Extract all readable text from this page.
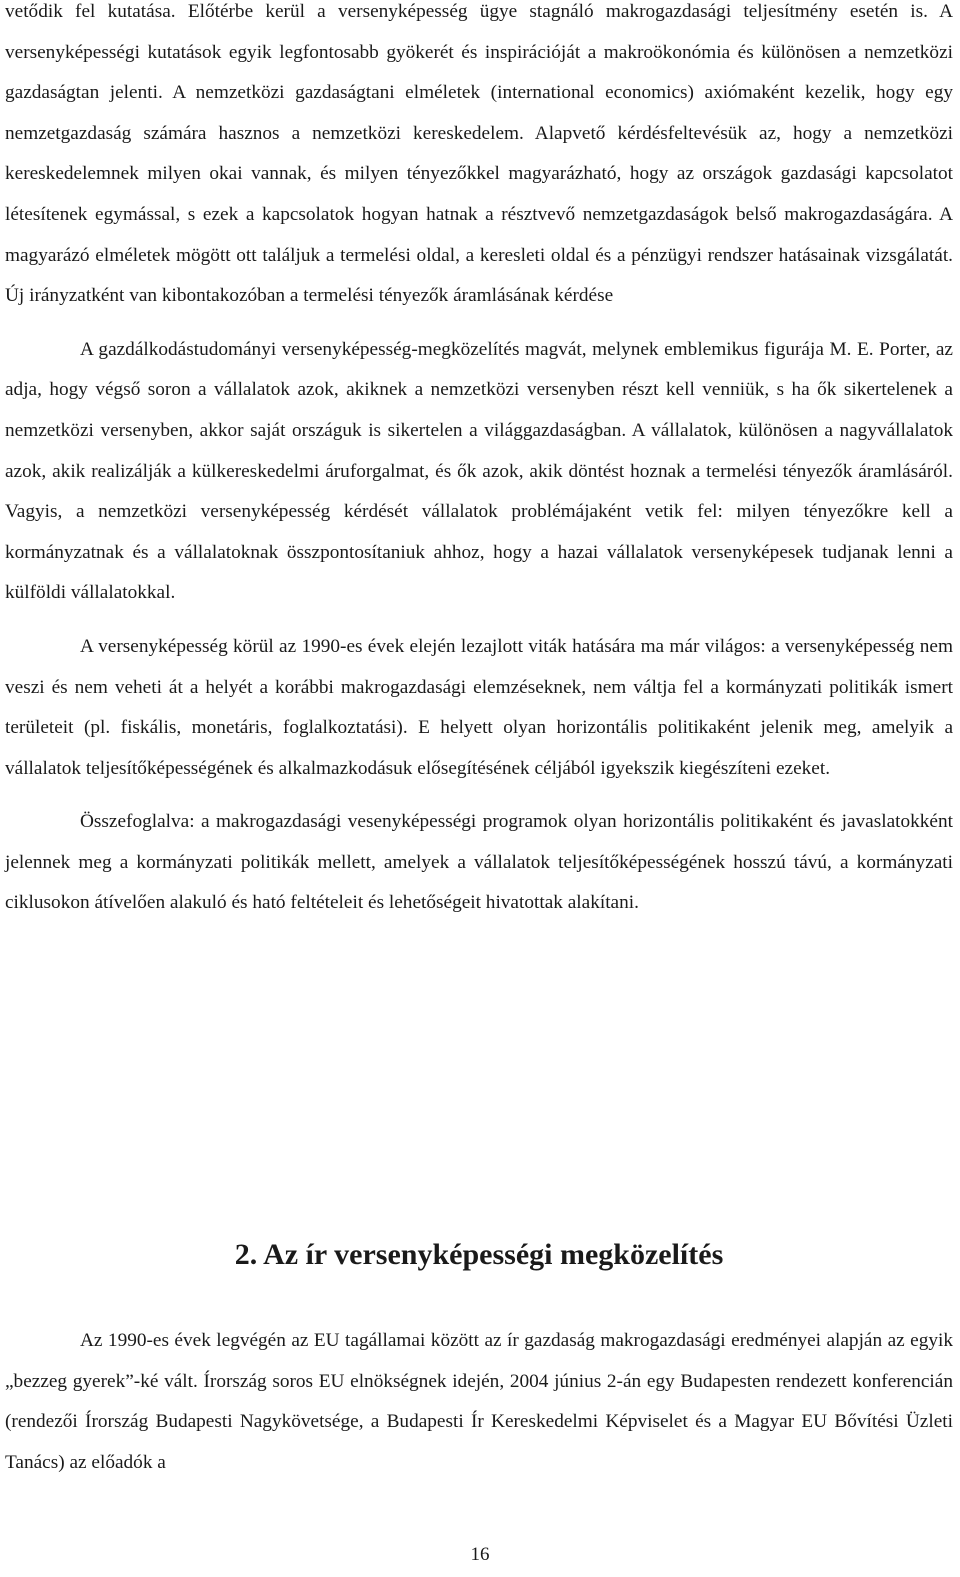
vetődik fel kutatása. Előtérbe kerül a versenyképesség ügye stagnáló makrogazdasági teljesítmény esetén is. A versenyképességi kutatások egyik legfontosabb gyökerét és inspirációját a makroökonómia és különösen a nemzetközi gazdaságtan jelenti. A nemzetközi gazdaságtani elméletek (international economics) axiómaként kezelik, hogy egy nemzetgazdaság számára hasznos a nemzetközi kereskedelem. Alapvető kérdésfeltevésük az, hogy a nemzetközi kereskedelemnek milyen okai vannak, és milyen tényezőkkel magyarázható, hogy az országok gazdasági kapcsolatot létesítenek egymással, s ezek a kapcsolatok hogyan hatnak a résztvevő nemzetgazdaságok belső makrogazdaságára. A magyarázó elméletek mögött ott találjuk a termelési oldal, a keresleti oldal és a pénzügyi rendszer hatásainak vizsgálatát. Új irányzatként van kibontakozóban a termelési tényezők áramlásának kérdése

A gazdálkodástudományi versenyképesség-megközelítés magvát, melynek emblemikus figurája M. E. Porter, az adja, hogy végső soron a vállalatok azok, akiknek a nemzetközi versenyben részt kell venniük, s ha ők sikertelenek a nemzetközi versenyben, akkor saját országuk is sikertelen a világgazdaságban. A vállalatok, különösen a nagyvállalatok azok, akik realizálják a külkereskedelmi áruforgalmat, és ők azok, akik döntést hoznak a termelési tényezők áramlásáról. Vagyis, a nemzetközi versenyképesség kérdését vállalatok problémájaként vetik fel: milyen tényezőkre kell a kormányzatnak és a vállalatoknak összpontosítaniuk ahhoz, hogy a hazai vállalatok versenyképesek tudjanak lenni a külföldi vállalatokkal.

A versenyképesség körül az 1990-es évek elején lezajlott viták hatására ma már világos: a versenyképesség nem veszi és nem veheti át a helyét a korábbi makrogazdasági elemzéseknek, nem váltja fel a kormányzati politikák ismert területeit (pl. fiskális, monetáris, foglalkoztatási). E helyett olyan horizontális politikaként jelenik meg, amelyik a vállalatok teljesítőképességének és alkalmazkodásuk elősegítésének céljából igyekszik kiegészíteni ezeket.

Összefoglalva: a makrogazdasági vesenyképességi programok olyan horizontális politikaként és javaslatokként jelennek meg a kormányzati politikák mellett, amelyek a vállalatok teljesítőképességének hosszú távú, a kormányzati ciklusokon átívelően alakuló és ható feltételeit és lehetőségeit hivatottak alakítani.

2. Az ír versenyképességi megközelítés

Az 1990-es évek legvégén az EU tagállamai között az ír gazdaság makrogazdasági eredményei alapján az egyik „bezzeg gyerek”-ké vált. Írország soros EU elnökségnek idején, 2004 június 2-án egy Budapesten rendezett konferencián (rendezői Írország Budapesti Nagykövetsége, a Budapesti Ír Kereskedelmi Képviselet és a Magyar EU Bővítési Üzleti Tanács) az előadók a

16
